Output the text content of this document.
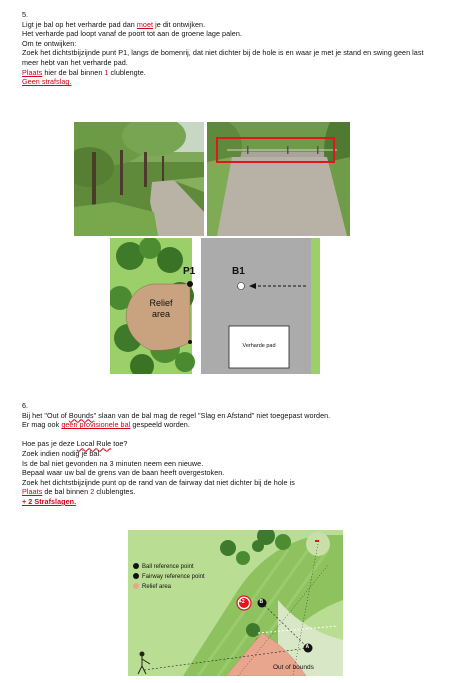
5.
Ligt je bal op het verharde pad dan moet je dit ontwijken.
Het verharde pad loopt vanaf de poort tot aan de groene lage palen.
Om te ontwijken:
Zoek het dichtstbijzijnde punt P1, langs de bomenrij, dat niet dichter bij de hole is en waar je met je stand en swing geen last
meer hebt van het verharde pad.
Plaats hier de bal binnen 1 clublengte.
Geen strafslag.
P1	B1
Relief
area
Verharde pad
6.
Bij het "Out of Bounds" slaan van de bal mag de regel "Slag en Afstand" niet toegepast worden.
Er mag ook geen provisionele bal gespeeld worden.
Hoe pas je deze Local Rule toe?
Zoek indien nodig je bal.
Is de bal niet gevonden na 3 minuten neem een nieuwe.
Bepaal waar uw bal de grens van de baan heeft overgestoken.
Zoek het dichtstbijzijnde punt op de rand van de fairway dat niet dichter bij de hole is
Plaats de bal binnen 2 clublengtes.
+ 2 Strafslagen.
Ball reference point
Fairway reference point
Relief area
B
A
+2
Out of bounds
